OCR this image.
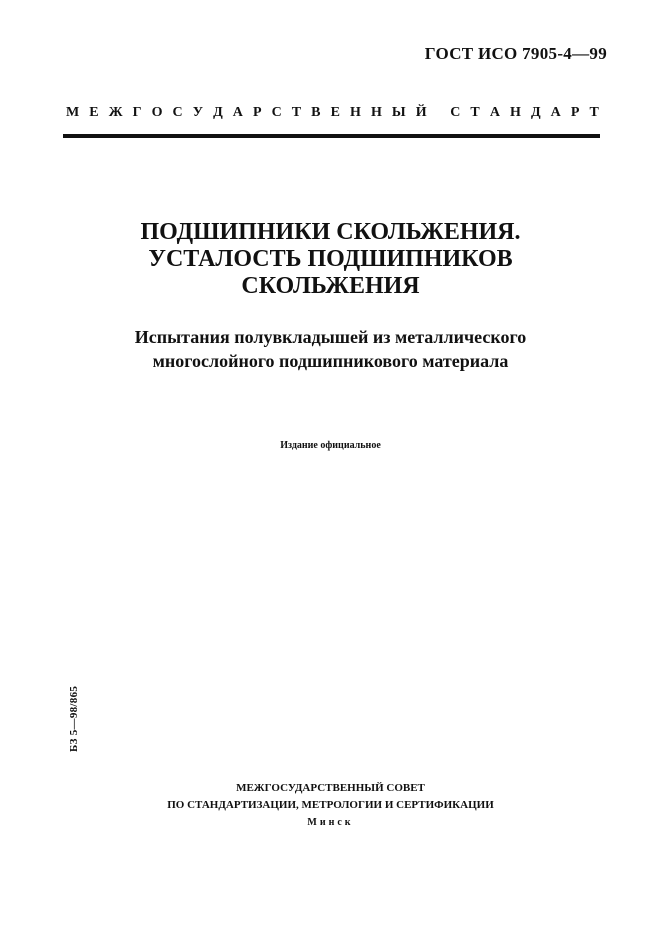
ГОСТ ИСО 7905-4—99
М Е Ж Г О С У Д А Р С Т В Е Н Н Ы Й
С Т А Н Д А Р Т
ПОДШИПНИКИ СКОЛЬЖЕНИЯ.
УСТАЛОСТЬ ПОДШИПНИКОВ
СКОЛЬЖЕНИЯ
Испытания полувкладышей из металлического
многослойного подшипникового материала
Издание официальное
БЗ 5—98/865
МЕЖГОСУДАРСТВЕННЫЙ СОВЕТ
ПО СТАНДАРТИЗАЦИИ, МЕТРОЛОГИИ И СЕРТИФИКАЦИИ
Минск
